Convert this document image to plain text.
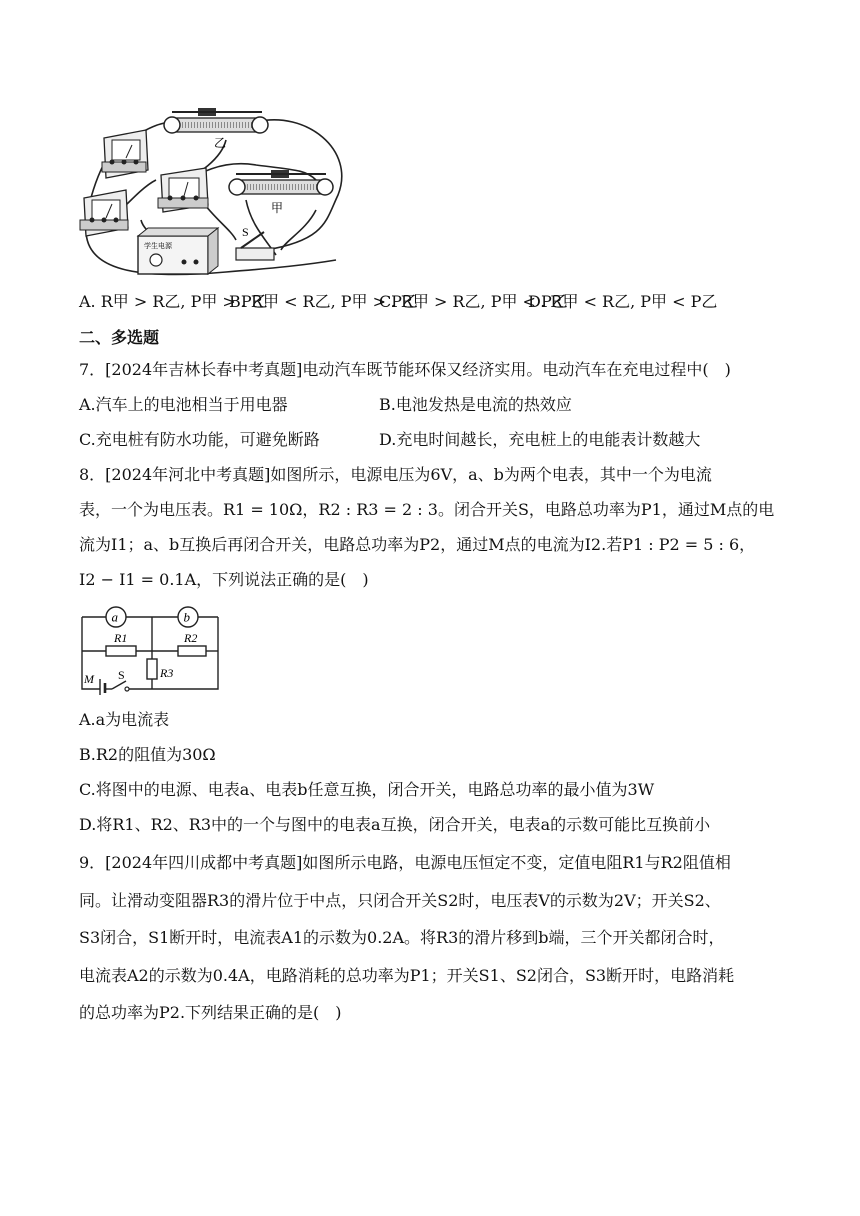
乙
甲
学生电源
S
A. R甲 > R乙, P甲 > P乙
B. R甲 < R乙, P甲 > P乙
C. R甲 > R乙, P甲 < P乙
D. R甲 < R乙, P甲 < P乙
二、多选题
7．[2024年吉林长春中考真题]电动汽车既节能环保又经济实用。电动汽车在充电过程中(　)
A.汽车上的电池相当于用电器	B.电池发热是电流的热效应
C.充电桩有防水功能，可避免断路	D.充电时间越长，充电桩上的电能表计数越大
8．[2024年河北中考真题]如图所示，电源电压为6V，a、b为两个电表，其中一个为电流
表，一个为电压表。R1 = 10Ω，R2 : R3 = 2 : 3。闭合开关S，电路总功率为P1，通过M点的电
流为I1；a、b互换后再闭合开关，电路总功率为P2，通过M点的电流为I2.若P1 : P2 = 5 : 6，
I2 − I1 = 0.1A，下列说法正确的是(　)
a	b
R1	R2
R3
M S
A.a为电流表
B.R2的阻值为30Ω
C.将图中的电源、电表a、电表b任意互换，闭合开关，电路总功率的最小值为3W
D.将R1、R2、R3中的一个与图中的电表a互换，闭合开关，电表a的示数可能比互换前小
9．[2024年四川成都中考真题]如图所示电路，电源电压恒定不变，定值电阻R1与R2阻值相
同。让滑动变阻器R3的滑片位于中点，只闭合开关S2时，电压表V的示数为2V；开关S2、
S3闭合，S1断开时，电流表A1的示数为0.2A。将R3的滑片移到b端，三个开关都闭合时，
电流表A2的示数为0.4A，电路消耗的总功率为P1；开关S1、S2闭合，S3断开时，电路消耗
的总功率为P2.下列结果正确的是(　)
